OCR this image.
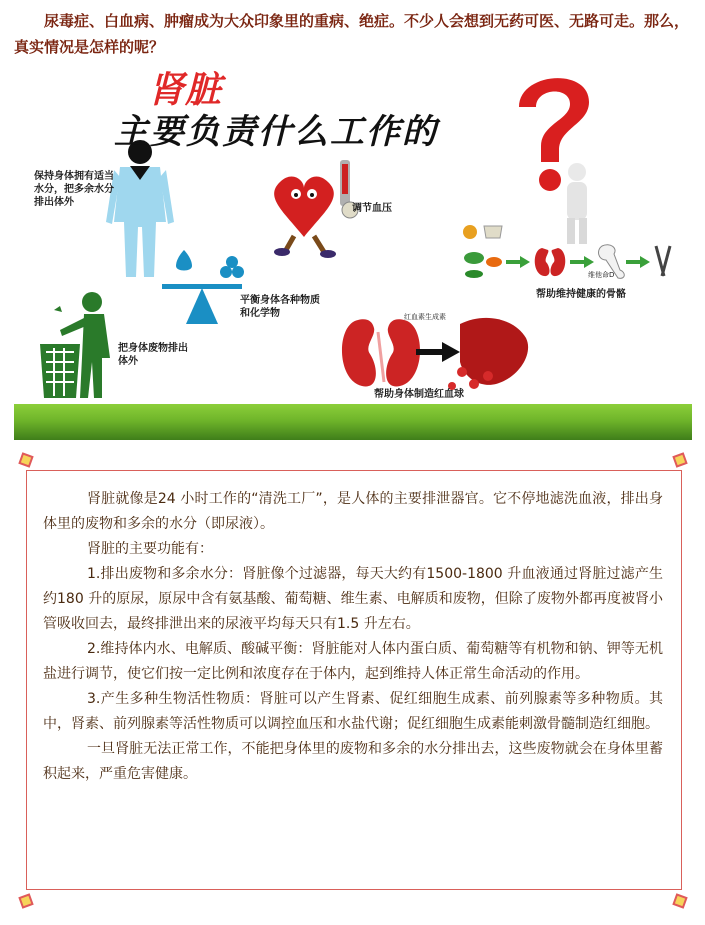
尿毒症、白血病、肿瘤成为大众印象里的重病、绝症。不少人会想到无药可医、无路可走。那么，真实情况是怎样的呢？

肾脏
主要负责什么工作的
保持身体拥有适当水分，把多余水分排出体外
调节血压
平衡身体各种物质和化学物
把身体废物排出体外
红血素生成素
帮助身体制造红血球
帮助维持健康的骨骼
维他命D

肾脏就像是24 小时工作的“清洗工厂”，是人体的主要排泄器官。它不停地滤洗血液，排出身体里的废物和多余的水分（即尿液）。

肾脏的主要功能有：

1.排出废物和多余水分：肾脏像个过滤器，每天大约有1500-1800 升血液通过肾脏过滤产生约180 升的原尿，原尿中含有氨基酸、葡萄糖、维生素、电解质和废物，但除了废物外都再度被肾小管吸收回去，最终排泄出来的尿液平均每天只有1.5 升左右。

2.维持体内水、电解质、酸碱平衡：肾脏能对人体内蛋白质、葡萄糖等有机物和钠、钾等无机盐进行调节，使它们按一定比例和浓度存在于体内，起到维持人体正常生命活动的作用。

3.产生多种生物活性物质：肾脏可以产生肾素、促红细胞生成素、前列腺素等多种物质。其中，肾素、前列腺素等活性物质可以调控血压和水盐代谢；促红细胞生成素能刺激骨髓制造红细胞。

一旦肾脏无法正常工作，不能把身体里的废物和多余的水分排出去，这些废物就会在身体里蓄积起来，严重危害健康。
